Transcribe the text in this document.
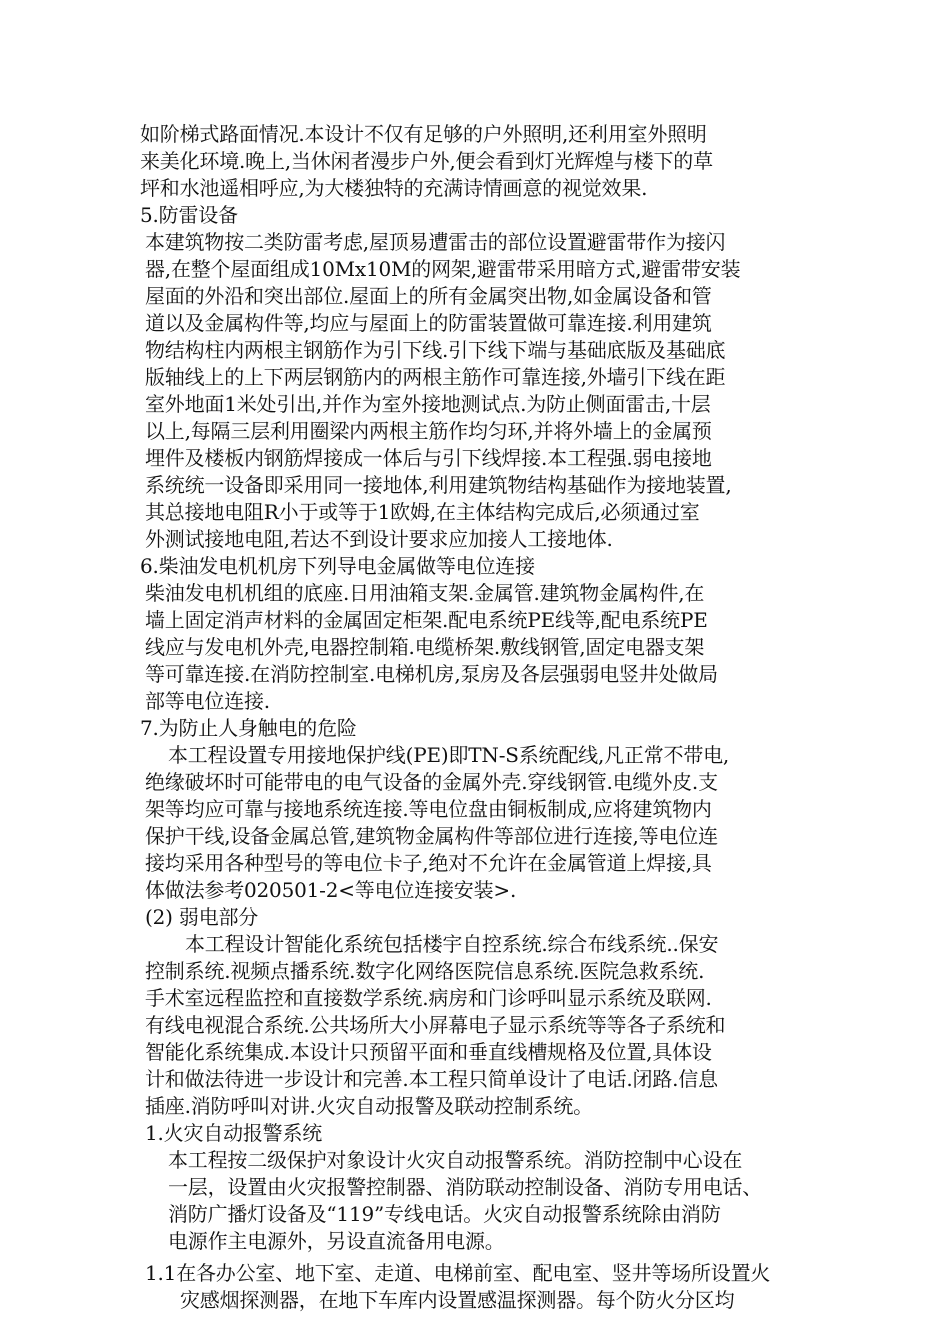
如阶梯式路面情况.本设计不仅有足够的户外照明,还利用室外照明
来美化环境.晚上,当休闲者漫步户外,便会看到灯光辉煌与楼下的草
坪和水池遥相呼应,为大楼独特的充满诗情画意的视觉效果.
5.防雷设备
本建筑物按二类防雷考虑,屋顶易遭雷击的部位设置避雷带作为接闪
器,在整个屋面组成10Mx10M的网架,避雷带采用暗方式,避雷带安装
屋面的外沿和突出部位.屋面上的所有金属突出物,如金属设备和管
道以及金属构件等,均应与屋面上的防雷装置做可靠连接.利用建筑
物结构柱内两根主钢筋作为引下线.引下线下端与基础底版及基础底
版轴线上的上下两层钢筋内的两根主筋作可靠连接,外墙引下线在距
室外地面1米处引出,并作为室外接地测试点.为防止侧面雷击,十层
以上,每隔三层利用圈梁内两根主筋作均匀环,并将外墙上的金属预
埋件及楼板内钢筋焊接成一体后与引下线焊接.本工程强.弱电接地
系统统一设备即采用同一接地体,利用建筑物结构基础作为接地装置,
其总接地电阻R小于或等于1欧姆,在主体结构完成后,必须通过室
外测试接地电阻,若达不到设计要求应加接人工接地体.
6.柴油发电机机房下列导电金属做等电位连接
柴油发电机机组的底座.日用油箱支架.金属管.建筑物金属构件,在
墙上固定消声材料的金属固定柜架.配电系统PE线等,配电系统PE
线应与发电机外壳,电器控制箱.电缆桥架.敷线钢管,固定电器支架
等可靠连接.在消防控制室.电梯机房,泵房及各层强弱电竖井处做局
部等电位连接.
7.为防止人身触电的危险
本工程设置专用接地保护线(PE)即TN-S系统配线,凡正常不带电,
绝缘破坏时可能带电的电气设备的金属外壳.穿线钢管.电缆外皮.支
架等均应可靠与接地系统连接.等电位盘由铜板制成,应将建筑物内
保护干线,设备金属总管,建筑物金属构件等部位进行连接,等电位连
接均采用各种型号的等电位卡子,绝对不允许在金属管道上焊接,具
体做法参考020501-2<等电位连接安装>.
(2) 弱电部分
本工程设计智能化系统包括楼宇自控系统.综合布线系统..保安
控制系统.视频点播系统.数字化网络医院信息系统.医院急救系统.
手术室远程监控和直接数学系统.病房和门诊呼叫显示系统及联网.
有线电视混合系统.公共场所大小屏幕电子显示系统等等各子系统和
智能化系统集成.本设计只预留平面和垂直线槽规格及位置,具体设
计和做法待进一步设计和完善.本工程只简单设计了电话.闭路.信息
插座.消防呼叫对讲.火灾自动报警及联动控制系统。
1.火灾自动报警系统
本工程按二级保护对象设计火灾自动报警系统。消防控制中心设在
一层，设置由火灾报警控制器、消防联动控制设备、消防专用电话、
消防广播灯设备及“119”专线电话。火灾自动报警系统除由消防
电源作主电源外，另设直流备用电源。
1.1在各办公室、地下室、走道、电梯前室、配电室、竖井等场所设置火
灾感烟探测器，在地下车库内设置感温探测器。每个防火分区均
